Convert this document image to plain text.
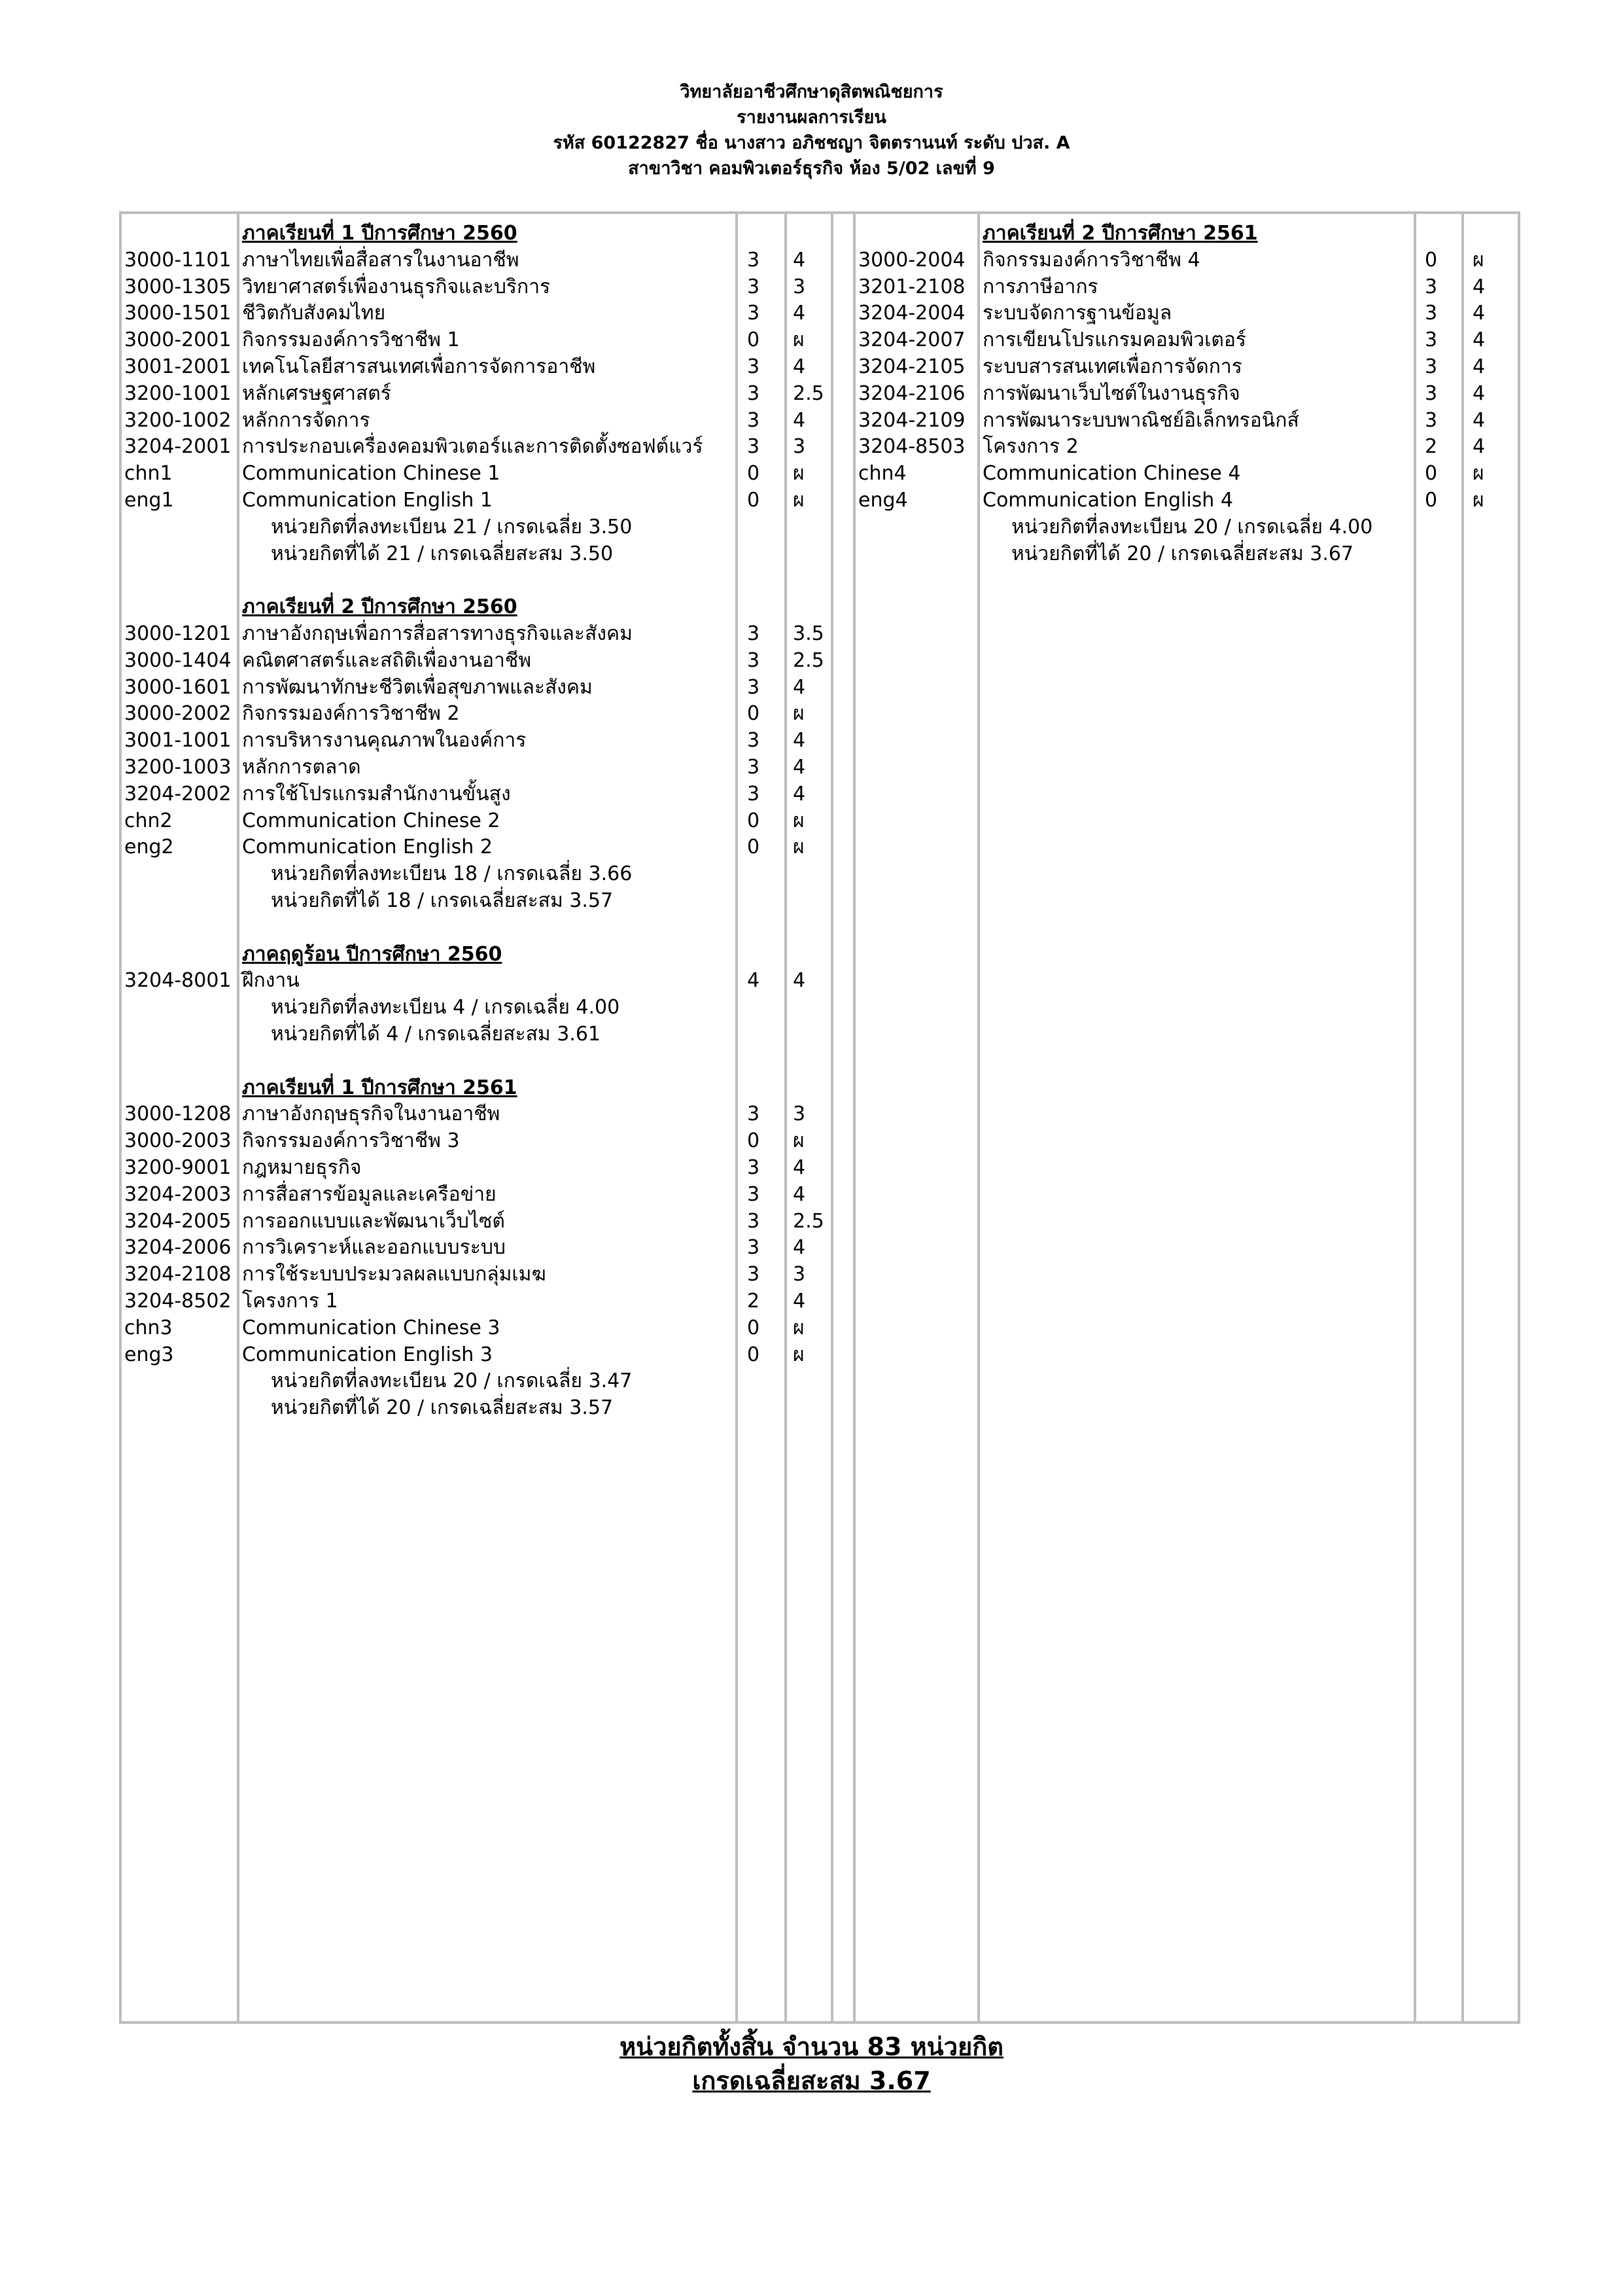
วิทยาลัยอาชีวศึกษาดุสิตพณิชยการ
รายงานผลการเรียน
รหัส 60122827 ชื่อ นางสาว อภิชชญา จิตตรานนท์ ระดับ ปวส. A
สาขาวิชา คอมพิวเตอร์ธุรกิจ ห้อง 5/02 เลขที่ 9
ภาคเรียนที่ 1 ปีการศึกษา 2560
3000-1101 ภาษาไทยเพื่อสื่อสารในงานอาชีพ	3 4
3000-1305 วิทยาศาสตร์เพื่องานธุรกิจและบริการ	3 3
3000-1501 ชีวิตกับสังคมไทย	3 4
3000-2001 กิจกรรมองค์การวิชาชีพ 1	0 ผ
3001-2001 เทคโนโลยีสารสนเทศเพื่อการจัดการอาชีพ	3 4
3200-1001 หลักเศรษฐศาสตร์	3 2.5
3200-1002 หลักการจัดการ	3 4
3204-2001 การประกอบเครื่องคอมพิวเตอร์และการติดตั้งซอฟต์แวร์ 3 3
chn1	Communication Chinese 1	0 ผ
eng1	Communication English 1	0 ผ
หน่วยกิตที่ลงทะเบียน 21 / เกรดเฉลี่ย 3.50
หน่วยกิตที่ได้ 21 / เกรดเฉลี่ยสะสม 3.50
ภาคเรียนที่ 2 ปีการศึกษา 2560
3000-1201 ภาษาอังกฤษเพื่อการสื่อสารทางธุรกิจและสังคม	3 3.5
3000-1404 คณิตศาสตร์และสถิติเพื่องานอาชีพ	3 2.5
3000-1601 การพัฒนาทักษะชีวิตเพื่อสุขภาพและสังคม	3 4
3000-2002 กิจกรรมองค์การวิชาชีพ 2	0 ผ
3001-1001 การบริหารงานคุณภาพในองค์การ	3 4
3200-1003 หลักการตลาด	3 4
3204-2002 การใช้โปรแกรมสำนักงานขั้นสูง	3 4
chn2	Communication Chinese 2	0 ผ
eng2	Communication English 2	0 ผ
หน่วยกิตที่ลงทะเบียน 18 / เกรดเฉลี่ย 3.66
หน่วยกิตที่ได้ 18 / เกรดเฉลี่ยสะสม 3.57
ภาคฤดูร้อน ปีการศึกษา 2560
3204-8001 ฝึกงาน	4 4
หน่วยกิตที่ลงทะเบียน 4 / เกรดเฉลี่ย 4.00
หน่วยกิตที่ได้ 4 / เกรดเฉลี่ยสะสม 3.61
ภาคเรียนที่ 1 ปีการศึกษา 2561
3000-1208 ภาษาอังกฤษธุรกิจในงานอาชีพ	3 3
3000-2003 กิจกรรมองค์การวิชาชีพ 3	0 ผ
3200-9001 กฎหมายธุรกิจ	3 4
3204-2003 การสื่อสารข้อมูลและเครือข่าย	3 4
3204-2005 การออกแบบและพัฒนาเว็บไซต์	3 2.5
3204-2006 การวิเคราะห์และออกแบบระบบ	3 4
3204-2108 การใช้ระบบประมวลผลแบบกลุ่มเมฆ	3 3
3204-8502 โครงการ 1	2 4
chn3	Communication Chinese 3	0 ผ
eng3	Communication English 3	0 ผ
หน่วยกิตที่ลงทะเบียน 20 / เกรดเฉลี่ย 3.47
หน่วยกิตที่ได้ 20 / เกรดเฉลี่ยสะสม 3.57
ภาคเรียนที่ 2 ปีการศึกษา 2561
3000-2004 กิจกรรมองค์การวิชาชีพ 4	0 ผ
3201-2108 การภาษีอากร	3 4
3204-2004 ระบบจัดการฐานข้อมูล	3 4
3204-2007 การเขียนโปรแกรมคอมพิวเตอร์	3 4
3204-2105 ระบบสารสนเทศเพื่อการจัดการ	3 4
3204-2106 การพัฒนาเว็บไซต์ในงานธุรกิจ	3 4
3204-2109 การพัฒนาระบบพาณิชย์อิเล็กทรอนิกส์	3 4
3204-8503 โครงการ 2	2 4
chn4	Communication Chinese 4	0 ผ
eng4	Communication English 4	0 ผ
หน่วยกิตที่ลงทะเบียน 20 / เกรดเฉลี่ย 4.00
หน่วยกิตที่ได้ 20 / เกรดเฉลี่ยสะสม 3.67
หน่วยกิตทั้งสิ้น จำนวน 83 หน่วยกิต
เกรดเฉลี่ยสะสม 3.67
